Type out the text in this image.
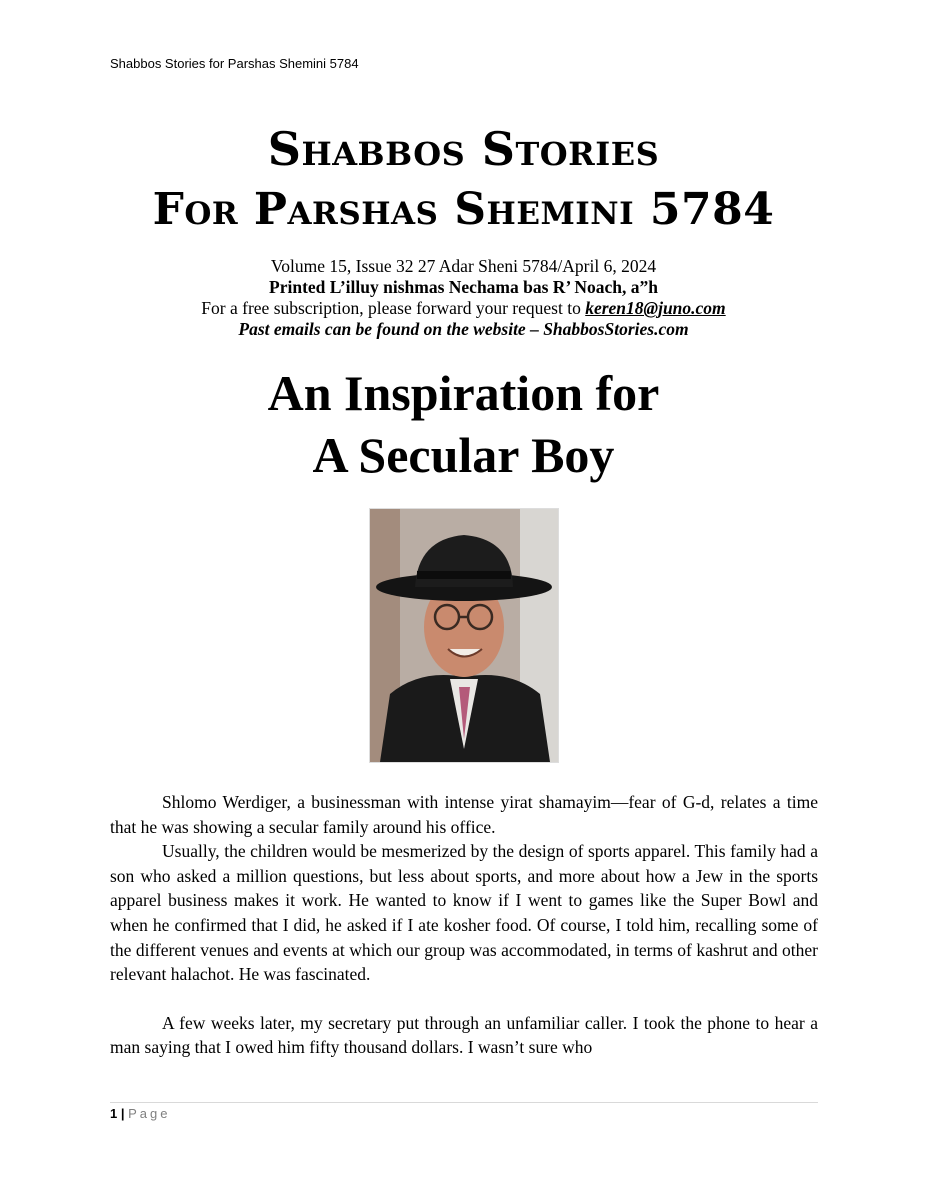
Shabbos Stories for Parshas Shemini 5784
Shabbos Stories
For Parshas Shemini 5784
Volume 15, Issue 32 27 Adar Sheni 5784/April 6, 2024
Printed L’illuy nishmas Nechama bas R’ Noach, a”h
For a free subscription, please forward your request to keren18@juno.com
Past emails can be found on the website – ShabbosStories.com
An Inspiration for
A Secular Boy

Shlomo Werdiger, a businessman with intense yirat shamayim—fear of G-d, relates a time that he was showing a secular family around his office.

Usually, the children would be mesmerized by the design of sports apparel. This family had a son who asked a million questions, but less about sports, and more about how a Jew in the sports apparel business makes it work. He wanted to know if I went to games like the Super Bowl and when he confirmed that I did, he asked if I ate kosher food. Of course, I told him, recalling some of the different venues and events at which our group was accommodated, in terms of kashrut and other relevant halachot. He was fascinated.

A few weeks later, my secretary put through an unfamiliar caller. I took the phone to hear a man saying that I owed him fifty thousand dollars. I wasn’t sure who

1 | Page
